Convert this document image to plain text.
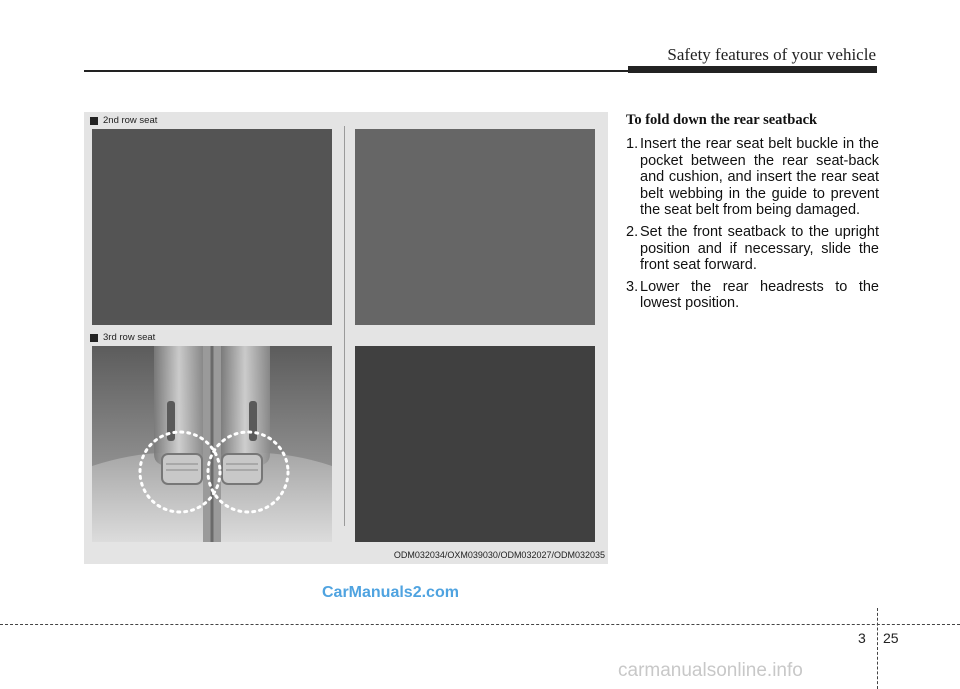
Safety features of your vehicle
2nd row seat
3rd row seat
ODM032034/OXM039030/ODM032027/ODM032035
To fold down the rear seatback
1. Insert the rear seat belt buckle in the pocket between the rear seat-back and cushion, and insert the rear seat belt webbing in the guide to prevent the seat belt from being damaged.
2. Set the front seatback to the upright position and if necessary, slide the front seat forward.
3. Lower the rear headrests to the lowest position.
CarManuals2.com
3 25
carmanualsonline.info
